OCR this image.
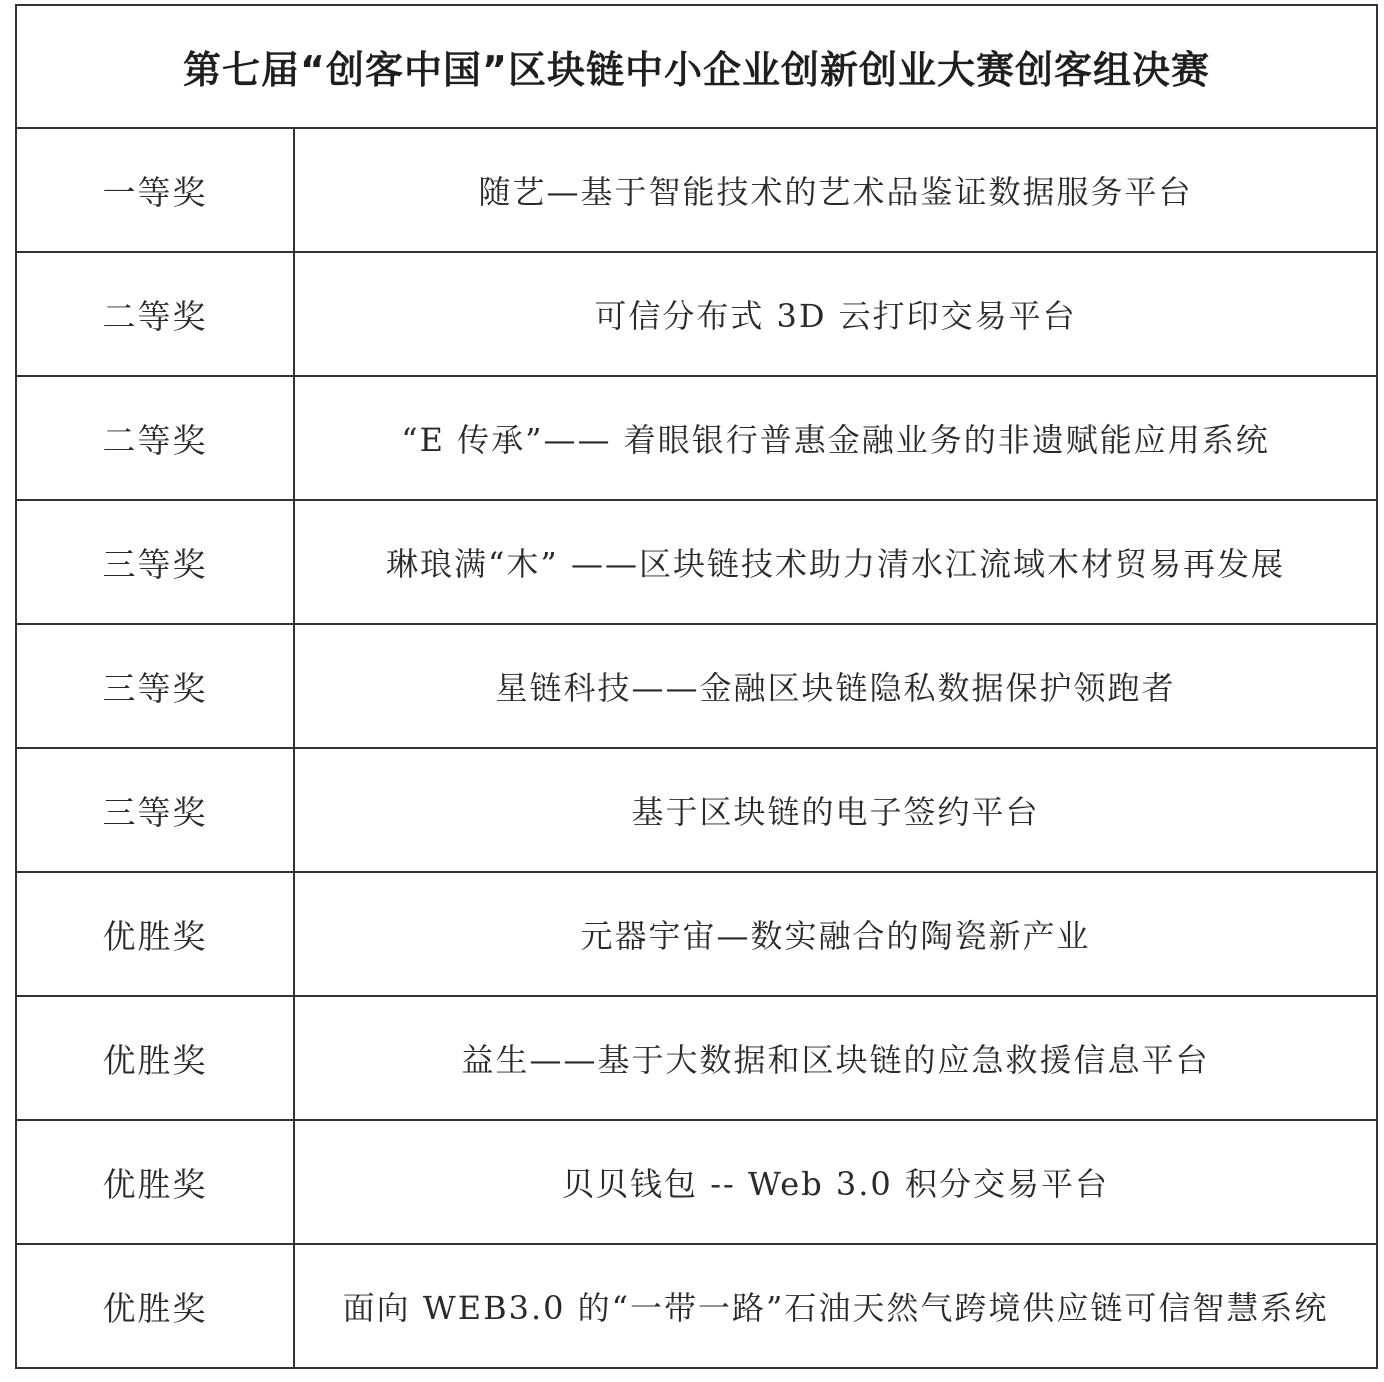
第七届“创客中国”区块链中小企业创新创业大赛创客组决赛	
一等奖	随艺—基于智能技术的艺术品鉴证数据服务平台
二等奖	可信分布式 3D 云打印交易平台
二等奖	“E 传承”—— 着眼银行普惠金融业务的非遗赋能应用系统
三等奖	琳琅满“木” ——区块链技术助力清水江流域木材贸易再发展
三等奖	星链科技——金融区块链隐私数据保护领跑者
三等奖	基于区块链的电子签约平台
优胜奖	元器宇宙—数实融合的陶瓷新产业
优胜奖	益生——基于大数据和区块链的应急救援信息平台
优胜奖	贝贝钱包 -- Web 3.0 积分交易平台
优胜奖	面向 WEB3.0 的“一带一路”石油天然气跨境供应链可信智慧系统
